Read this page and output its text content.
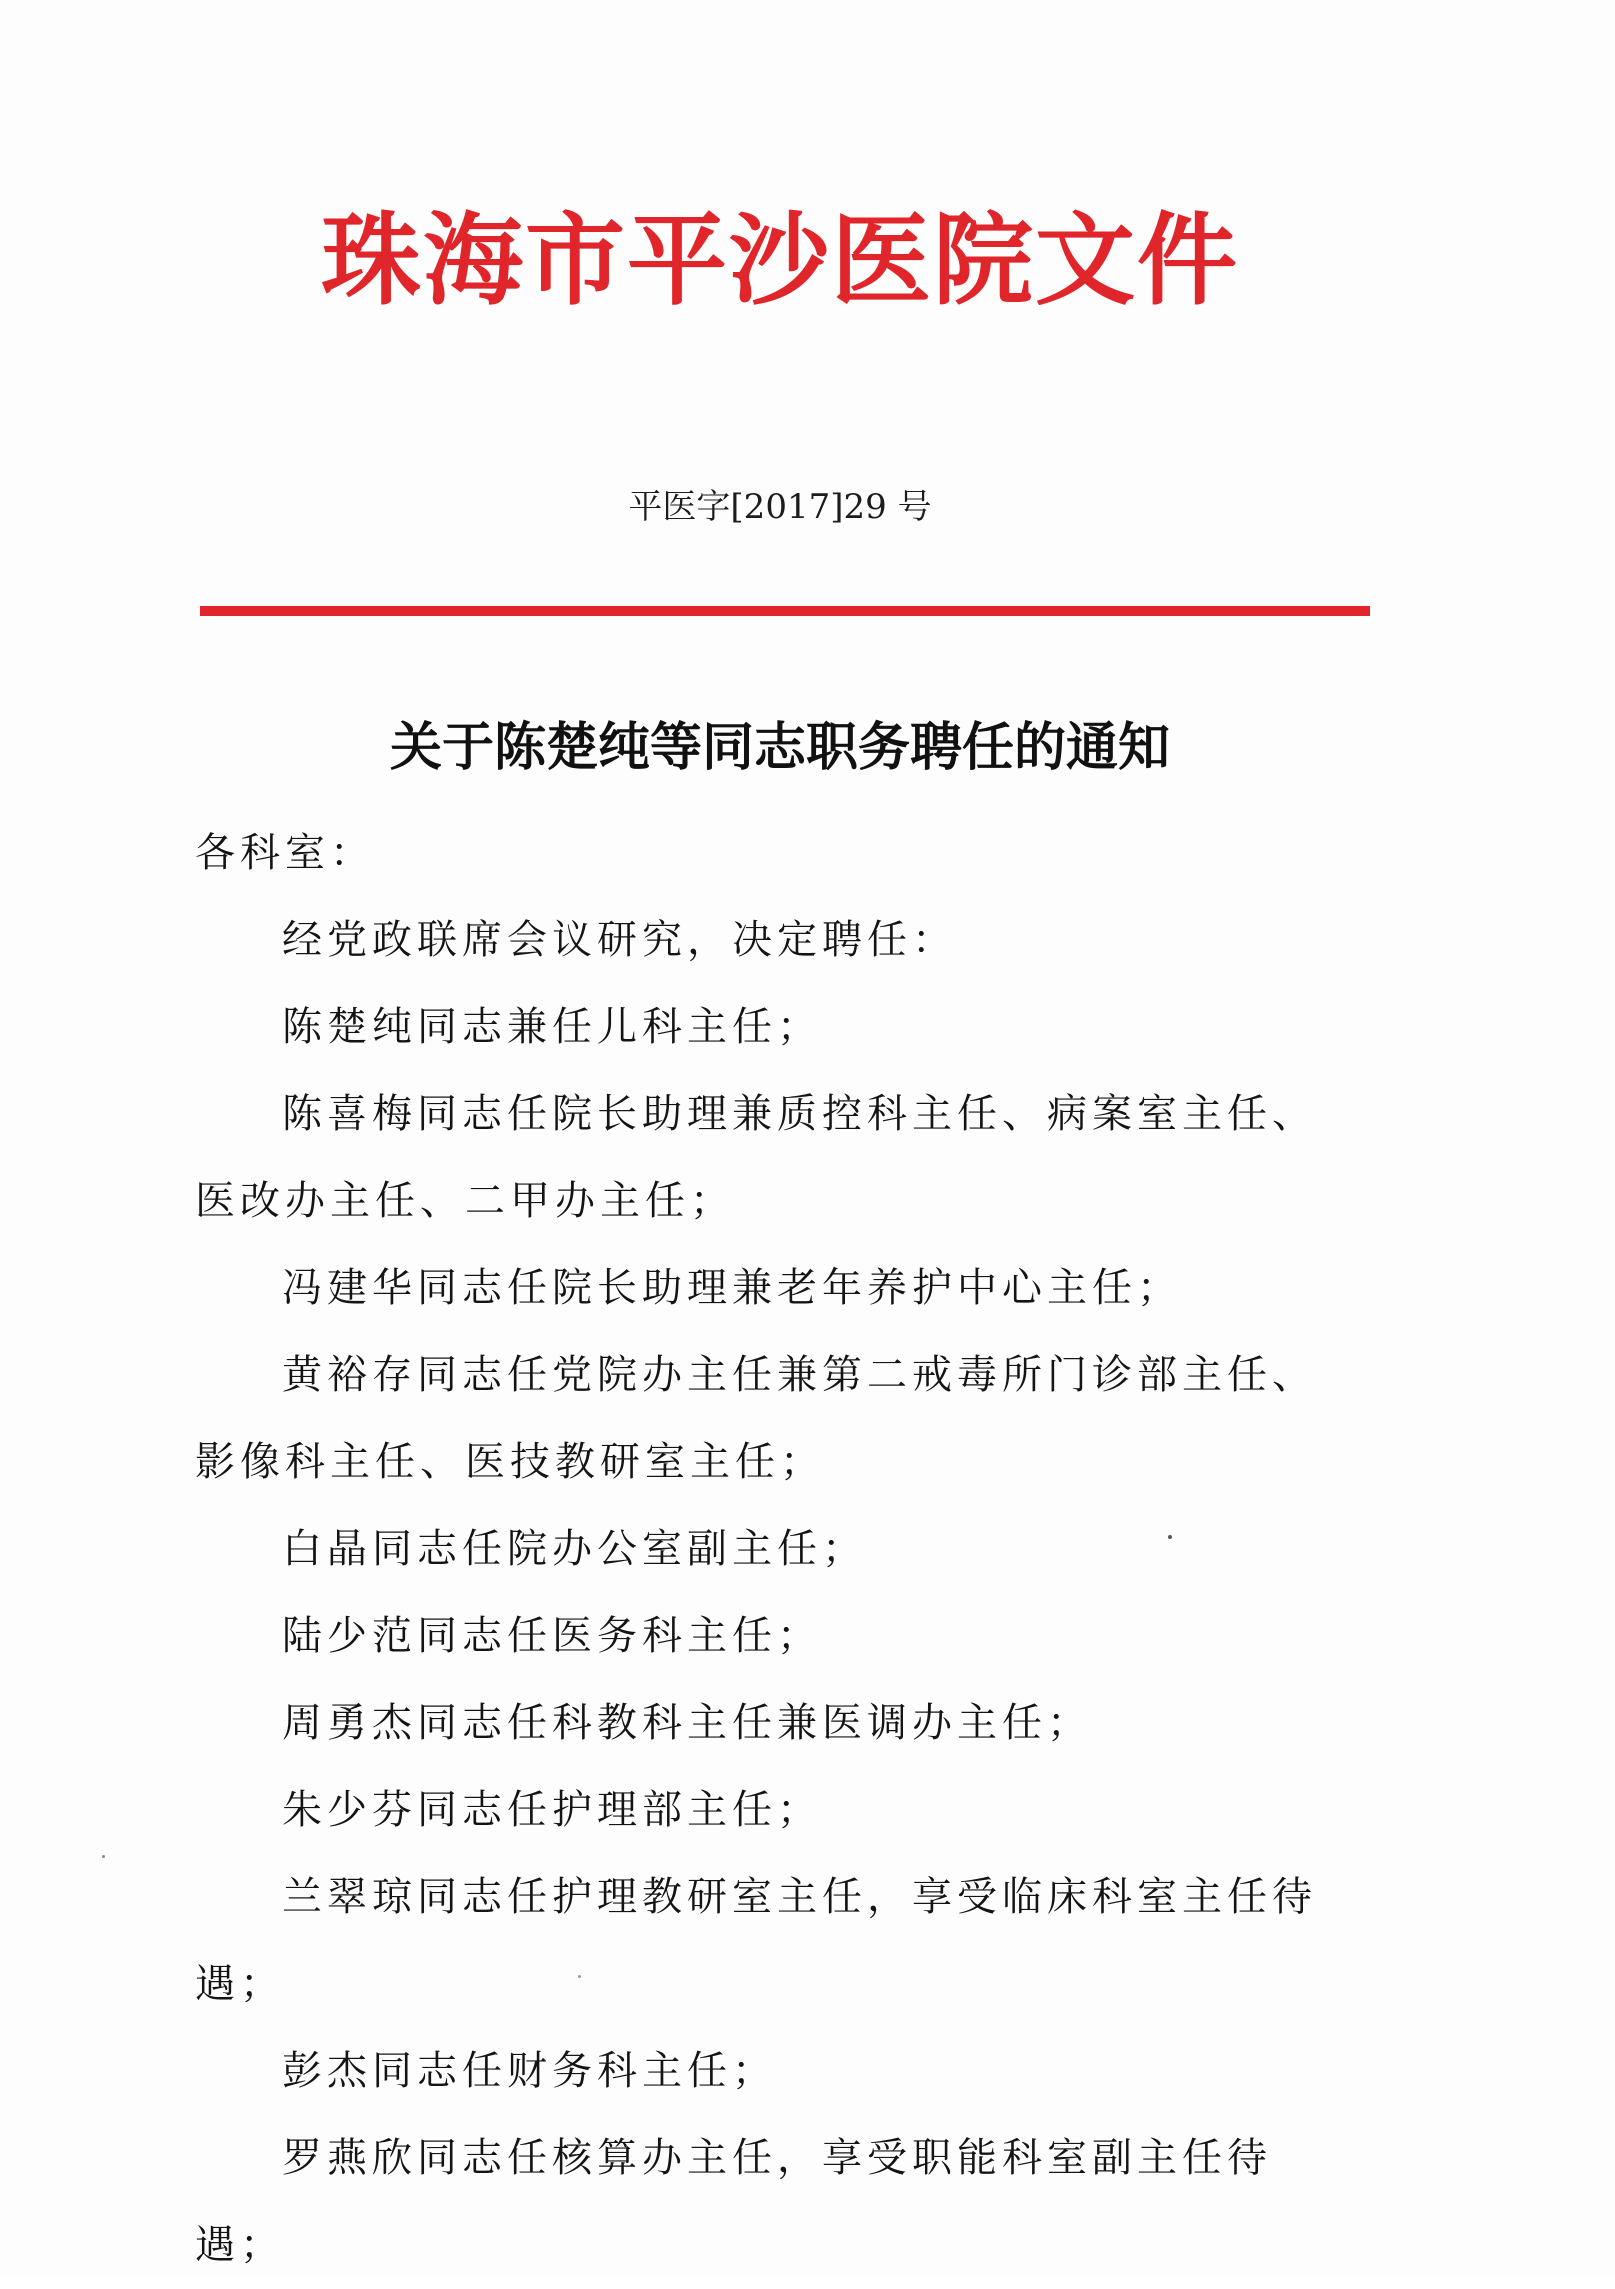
珠海市平沙医院文件
平医字[2017]29 号
关于陈楚纯等同志职务聘任的通知

各科室：

经党政联席会议研究，决定聘任：

陈楚纯同志兼任儿科主任；

陈喜梅同志任院长助理兼质控科主任、病案室主任、医改办主任、二甲办主任；

冯建华同志任院长助理兼老年养护中心主任；

黄裕存同志任党院办主任兼第二戒毒所门诊部主任、影像科主任、医技教研室主任；

白晶同志任院办公室副主任；

陆少范同志任医务科主任；

周勇杰同志任科教科主任兼医调办主任；

朱少芬同志任护理部主任；

兰翠琼同志任护理教研室主任，享受临床科室主任待遇；

彭杰同志任财务科主任；

罗燕欣同志任核算办主任，享受职能科室副主任待遇；
